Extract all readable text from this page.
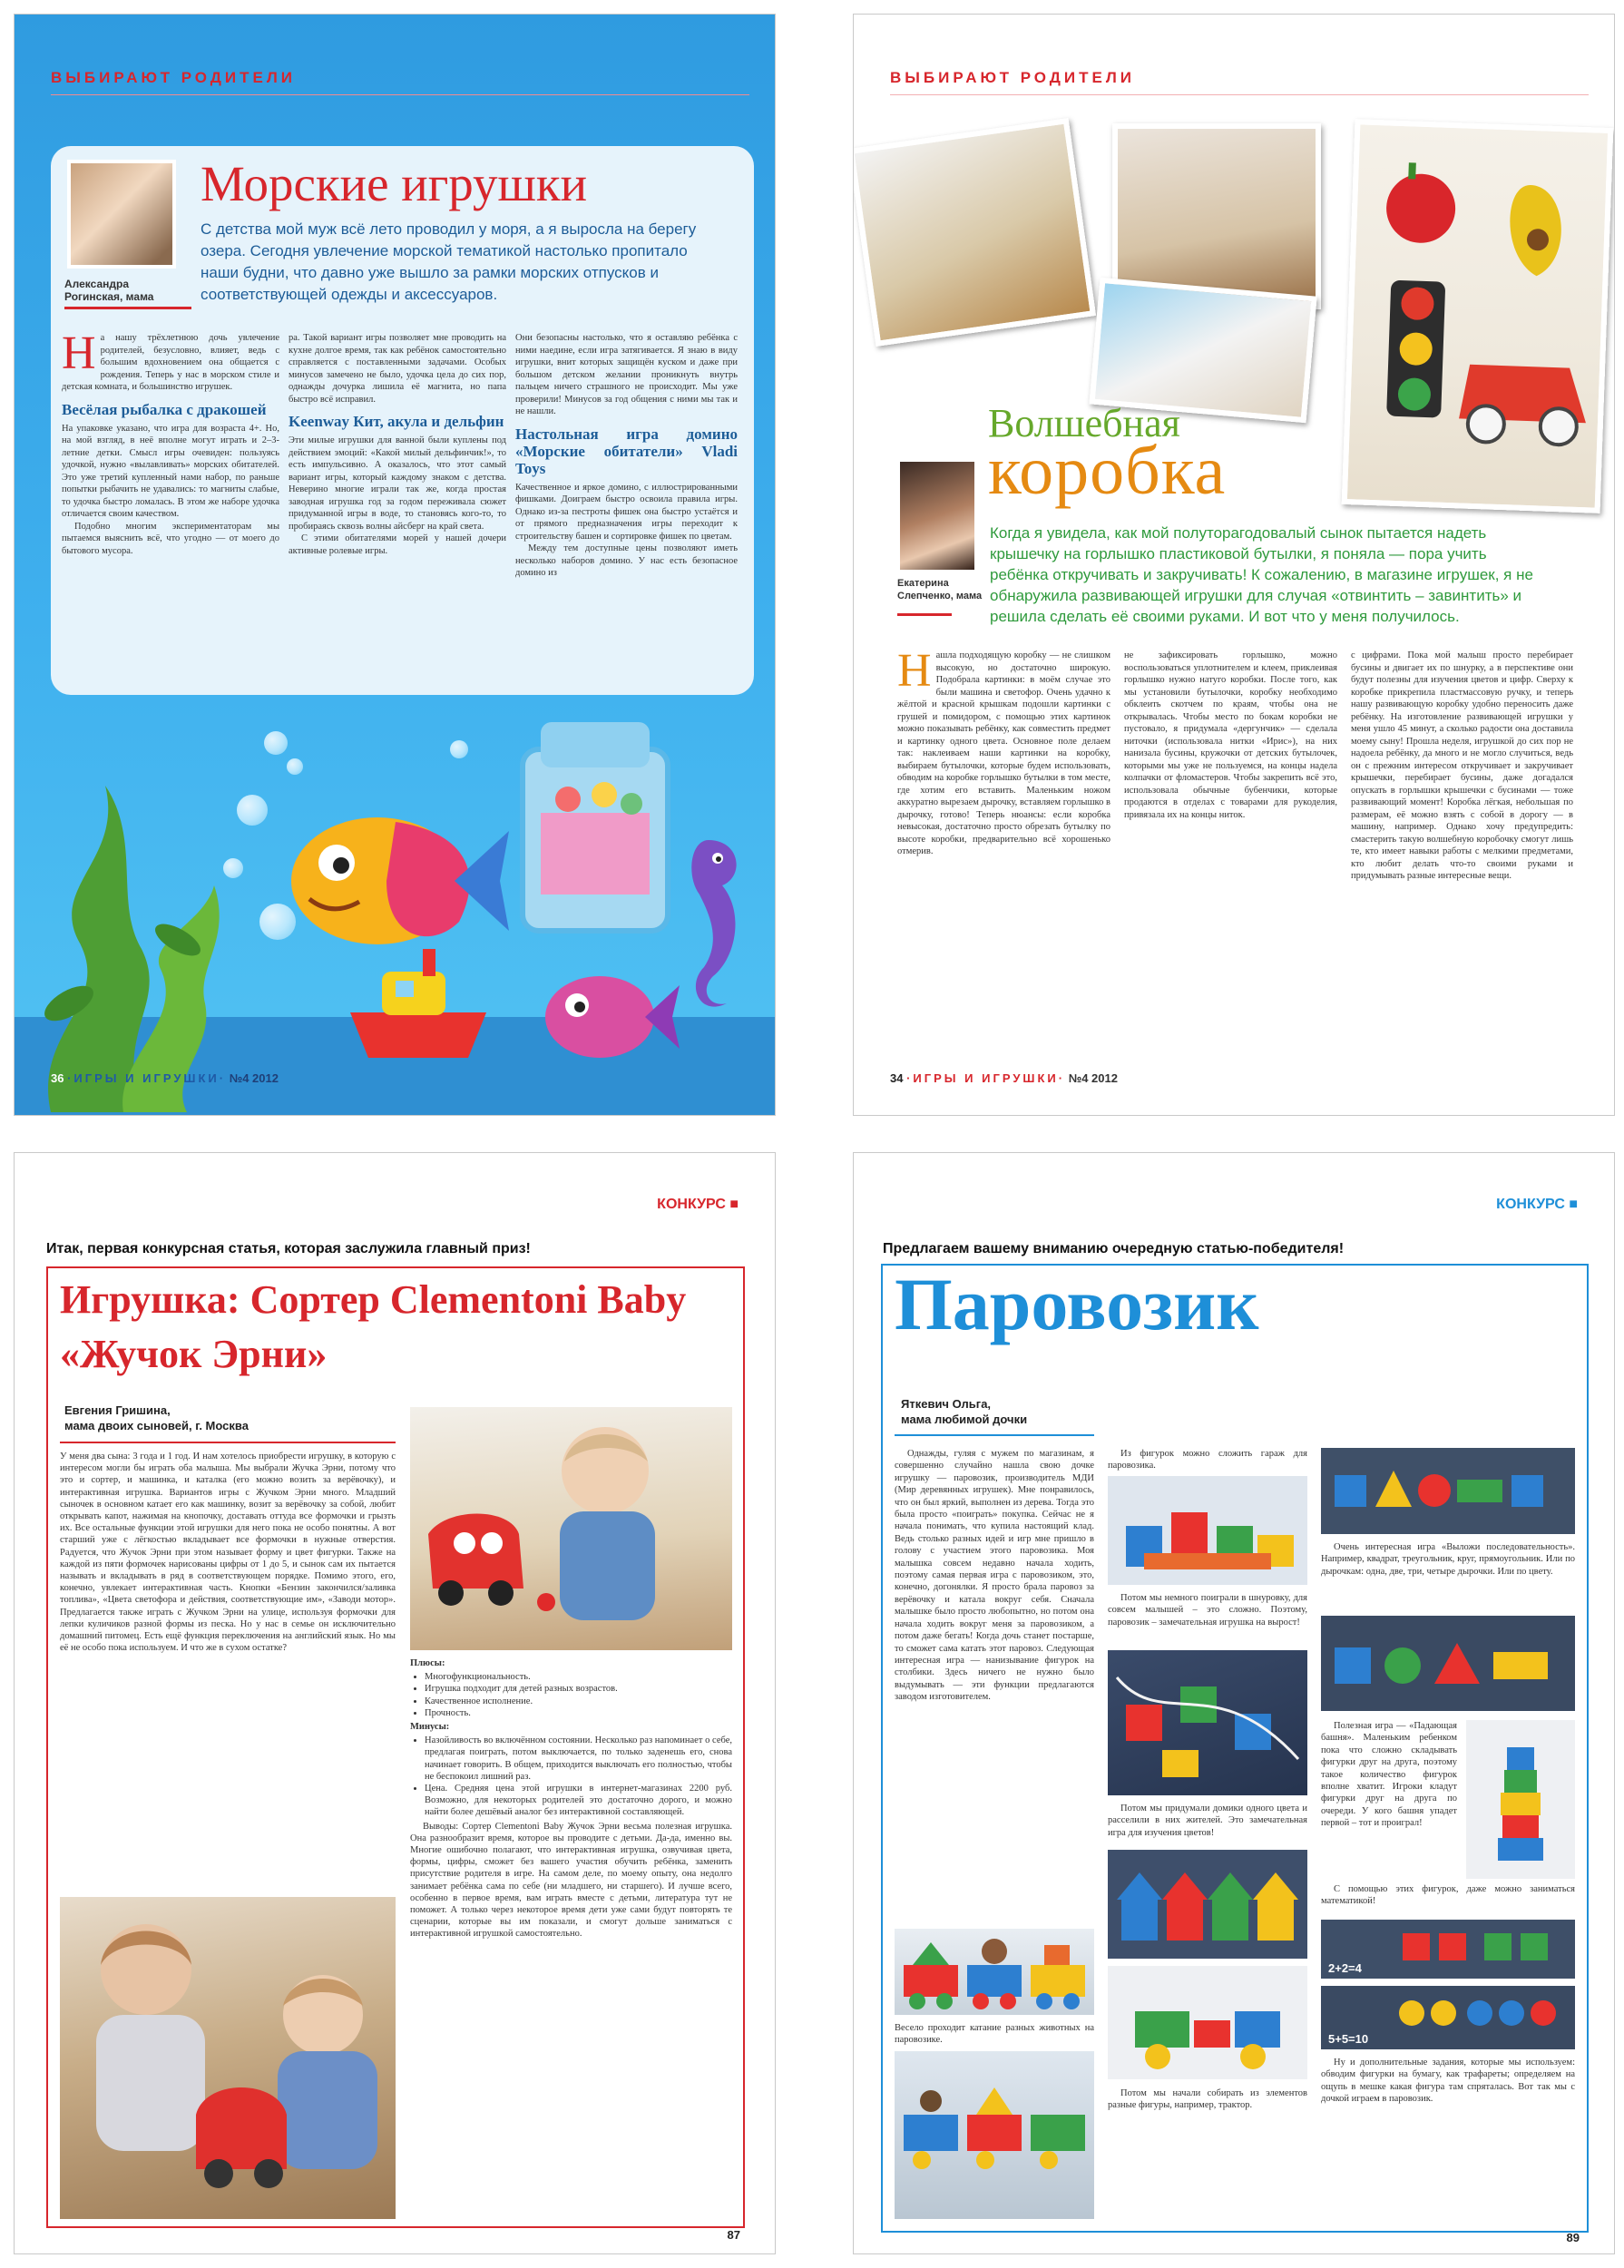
ВЫБИРАЮТ РОДИТЕЛИ
Александра Рогинская, мама
Морские игрушки
С детства мой муж всё лето проводил у моря, а я выросла на берегу озера. Сегодня увлечение морской тематикой настолько пропитало наши будни, что давно уже вышло за рамки морских отпусков и соответствующей одежды и аксессуаров.
Н а нашу трёхлетнюю дочь увлечение родителей, безусловно, влияет, ведь с большим вдохновением она общается с рождения. Теперь у нас в морском стиле и детская комната, и большинство игрушек.
Весёлая рыбалка с дракошей
На упаковке указано, что игра для возраста 4+. Но, на мой взгляд, в неё вполне могут играть и 2–3-летние детки. Смысл игры очевиден: пользуясь удочкой, нужно «вылавливать» морских обитателей. Это уже третий купленный нами набор, по раньше попытки рыбачить не удавались: то магниты слабые, то удочка быстро ломалась. В этом же наборе удочка отличается своим качеством.
Подобно многим экспериментаторам мы пытаемся выяснить всё, что угодно — от моего до бытового мусора.
ра. Такой вариант игры позволяет мне проводить на кухне долгое время, так как ребёнок самостоятельно справляется с поставленными задачами. Особых минусов замечено не было, удочка цела до сих пор, однажды дочурка лишила её магнита, но папа быстро всё исправил.
Keenway Кит, акула и дельфин
Эти милые игрушки для ванной были куплены под действием эмоций: «Какой милый дельфинчик!», то есть импульсивно. А оказалось, что этот самый вариант игры, который каждому знаком с детства. Неверино многие играли так же, когда простая заводная игрушка год за годом переживала сюжет придуманной игры в воде, то становясь кого-то, то пробираясь сквозь волны айсберг на край света.
С этими обитателями морей у нашей дочери активные ролевые игры.
Они безопасны настолько, что я оставляю ребёнка с ними наедине, если игра затягивается. Я знаю в виду игрушки, внит которых защищён куском и даже при большом детском желании проникнуть внутрь пальцем ничего страшного не происходит. Мы уже проверили! Минусов за год общения с ними мы так и не нашли.
Настольная игра домино «Морские обитатели» Vladi Toys
Качественное и яркое домино, с иллюстрированными фишками. Доиграем быстро освоила правила игры. Однако из-за пестроты фишек она быстро устаётся и от прямого предназначения игры переходит к строительству башен и сортировке фишек по цветам.
Между тем доступные цены позволяют иметь несколько наборов домино. У нас есть безопасное домино из
36 ·ИГРЫ И ИГРУШКИ· №4 2012
ВЫБИРАЮТ РОДИТЕЛИ
Волшебная
коробка
Екатерина Слепченко, мама
Когда я увидела, как мой полуторагодовалый сынок пытается надеть крышечку на горлышко пластиковой бутылки, я поняла — пора учить ребёнка откручивать и закручивать! К сожалению, в магазине игрушек, я не обнаружила развивающей игрушки для случая «отвинтить – завинтить» и решила сделать её своими руками. И вот что у меня получилось.
Н ашла подходящую коробку — не слишком высокую, но достаточно широкую. Подобрала картинки: в моём случае это были машина и светофор. Очень удачно к жёлтой и красной крышкам подошли картинки с грушей и помидором, с помощью этих картинок можно показывать ребёнку, как совместить предмет и картинку одного цвета. Основное поле делаем так: наклеиваем наши картинки на коробку, выбираем бутылочки, которые будем использовать, обводим на коробке горлышко бутылки в том месте, где хотим его вставить. Маленьким ножом аккуратно вырезаем дырочку, вставляем горлышко в дырочку, готово! Теперь нюансы: если коробка невысокая, достаточно просто обрезать бутылку по высоте коробки, предварительно всё хорошенько отмерив.
не зафиксировать горлышко, можно воспользоваться уплотнителем и клеем, приклеивая горлышко нужно натуго коробки. После того, как мы установили бутылочки, коробку необходимо обклеить скотчем по краям, чтобы она не открывалась. Чтобы место по бокам коробки не пустовало, я придумала «дергунчик» — сделала ниточки (использовала нитки «Ирис»), на них нанизала бусины, кружочки от детских бутылочек, которыми мы уже не пользуемся, на концы надела колпачки от фломастеров. Чтобы закрепить всё это, использовала обычные бубенчики, которые продаются в отделах с товарами для рукоделия, привязала их на концы ниток.
с цифрами. Пока мой малыш просто перебирает бусины и двигает их по шнурку, а в перспективе они будут полезны для изучения цветов и цифр. Сверху к коробке прикрепила пластмассовую ручку, и теперь нашу развивающую коробку удобно переносить даже ребёнку. На изготовление развивающей игрушки у меня ушло 45 минут, а сколько радости она доставила моему сыну! Прошла неделя, игрушкой до сих пор не надоела ребёнку, да много и не могло случиться, ведь он с прежним интересом откручивает и закручивает крышечки, перебирает бусины, даже догадался опускать в горлышки крышечки с бусинами — тоже развивающий момент! Коробка лёгкая, небольшая по размерам, её можно взять с собой в дорогу — в машину, например. Однако хочу предупредить: смастерить такую волшебную коробочку смогут лишь те, кто имеет навыки работы с мелкими предметами, кто любит делать что-то своими руками и придумывать разные интересные вещи.
34 ·ИГРЫ И ИГРУШКИ· №4 2012
КОНКУРС ■
Итак, первая конкурсная статья, которая заслужила главный приз!
Игрушка: Сортер Clementoni Baby «Жучок Эрни»
Евгения Гришина,
мама двоих сыновей, г. Москва
У меня два сына: 3 года и 1 год. И нам хотелось приобрести игрушку, в которую с интересом могли бы играть оба малыша. Мы выбрали Жучка Эрни, потому что это и сортер, и машинка, и каталка (его можно возить за верёвочку), и интерактивная игрушка. Вариантов игры с Жучком Эрни много. Младший сыночек в основном катает его как машинку, возит за верёвочку за собой, любит открывать капот, нажимая на кнопочку, доставать оттуда все формочки и грызть их. Все остальные функции этой игрушки для него пока не особо понятны. А вот старший уже с лёгкостью вкладывает все формочки в нужные отверстия. Радуется, что Жучок Эрни при этом называет форму и цвет фигурки. Также на каждой из пяти формочек нарисованы цифры от 1 до 5, и сынок сам их пытается называть и вкладывать в ряд в соответствующем порядке. Помимо этого, его, конечно, увлекает интерактивная часть. Кнопки «Бензин закончился/заливка топлива», «Цвета светофора и действия, соответствующие им», «Заводи мотор». Предлагается также играть с Жучком Эрни на улице, используя формочки для лепки куличиков разной формы из песка. Но у нас в семье он исключительно домашний питомец. Есть ещё функция переключения на английский язык. Но мы её не особо пока используем. И что же в сухом остатке?
Плюсы:
• Многофункциональность.
• Игрушка подходит для детей разных возрастов.
• Качественное исполнение.
• Прочность.
Минусы:
• Назойливость во включённом состоянии. Несколько раз напоминает о себе, предлагая поиграть, потом выключается, по только заденешь его, снова начинает говорить. В общем, приходится выключать его полностью, чтобы не беспокоил лишний раз.
• Цена. Средняя цена этой игрушки в интернет-магазинах 2200 руб. Возможно, для некоторых родителей это достаточно дорого, и можно найти более дешёвый аналог без интерактивной составляющей.
Выводы: Сортер Clementoni Baby Жучок Эрни весьма полезная игрушка. Она разнообразит время, которое вы проводите с детьми. Да-да, именно вы. Многие ошибочно полагают, что интерактивная игрушка, озвучивая цвета, формы, цифры, сможет без вашего участия обучить ребёнка, заменить присутствие родителя в игре. На самом деле, по моему опыту, она недолго занимает ребёнка сама по себе (ни младшего, ни старшего). И лучше всего, особенно в первое время, вам играть вместе с детьми, литература тут не поможет. А только через некоторое время дети уже сами будут повторять те сценарии, которые вы им показали, и смогут дольше заниматься с интерактивной игрушкой самостоятельно.
87
КОНКУРС ■
Предлагаем вашему вниманию очередную статью-победителя!
Паровозик
Яткевич Ольга,
мама любимой дочки
Однажды, гуляя с мужем по магазинам, я совершенно случайно нашла свою дочке игрушку — паровозик, производитель МДИ (Мир деревянных игрушек). Мне понравилось, что он был яркий, выполнен из дерева. Тогда это была просто «поиграть» покупка. Сейчас не я начала понимать, что купила настоящий клад. Ведь столько разных идей и игр мне пришло в голову с участием этого паровозика. Моя малышка совсем недавно начала ходить, поэтому самая первая игра с паровозиком, это, конечно, догонялки. Я просто брала паровоз за верёвочку и катала вокруг себя. Сначала малышке было просто любопытно, но потом она начала ходить вокруг меня за паровозиком, а потом даже бегать! Когда дочь станет постарше, то сможет сама катать этот паровоз. Следующая интересная игра — нанизывание фигурок на столбики. Здесь ничего не нужно было выдумывать — эти функции предлагаются заводом изготовителем.
Весело проходит катание разных животных на паровозике.
Из фигурок можно сложить гараж для паровозика.
Потом мы немного поиграли в шнуровку, для совсем малышей – это сложно. Поэтому, паровозик – замечательная игрушка на вырост!
Потом мы придумали домики одного цвета и расселили в них жителей. Это замечательная игра для изучения цветов!
Потом мы начали собирать из элементов разные фигуры, например, трактор.
Очень интересная игра «Выложи последовательность». Например, квадрат, треугольник, круг, прямоугольник. Или по дырочкам: одна, две, три, четыре дырочки. Или по цвету.
Полезная игра — «Падающая башня». Маленьким ребенком пока что сложно складывать фигурки друг на друга, поэтому такое количество фигурок вполне хватит. Игроки кладут фигурки друг на друга по очереди. У кого башня упадет первой – тот и проиграл!
С помощью этих фигурок, даже можно заниматься математикой!
2+2=4
5+5=10
Ну и дополнительные задания, которые мы используем: обводим фигурки на бумагу, как трафареты; определяем на ощупь в мешке какая фигура там спряталась. Вот так мы с дочкой играем в паровозик.
89
